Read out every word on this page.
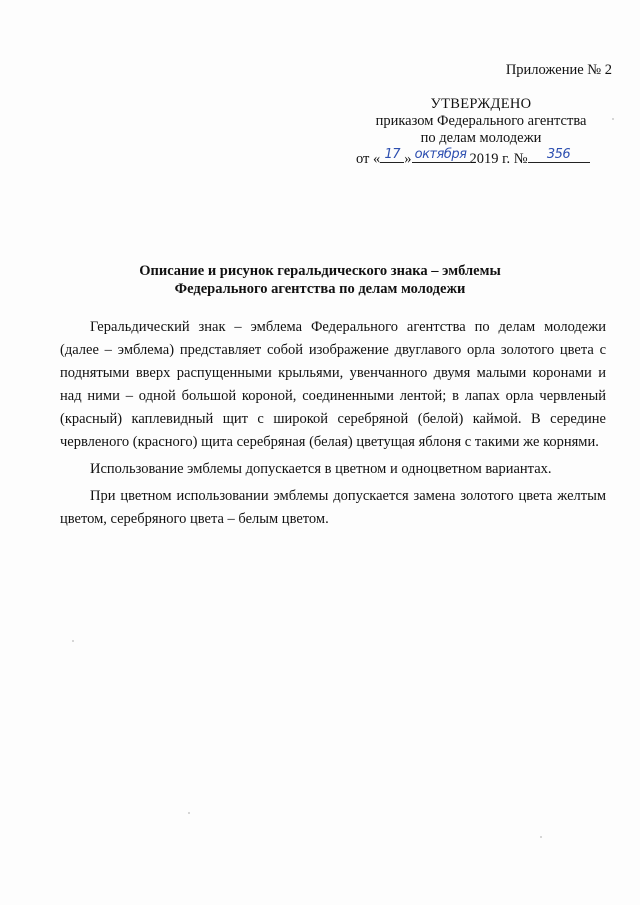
Приложение № 2
УТВЕРЖДЕНО
приказом Федерального агентства
по делам молодежи
от « 17 » октября 2019 г. №	356
Описание и рисунок геральдического знака – эмблемы
Федерального агентства по делам молодежи

Геральдический знак – эмблема Федерального агентства по делам молодежи (далее – эмблема) представляет собой изображение двуглавого орла золотого цвета с поднятыми вверх распущенными крыльями, увенчанного двумя малыми коронами и над ними – одной большой короной, соединенными лентой; в лапах орла червленый (красный) каплевидный щит с широкой серебряной (белой) каймой. В середине червленого (красного) щита серебряная (белая) цветущая яблоня с такими же корнями.

Использование эмблемы допускается в цветном и одноцветном вариантах.

При цветном использовании эмблемы допускается замена золотого цвета желтым цветом, серебряного цвета – белым цветом.
